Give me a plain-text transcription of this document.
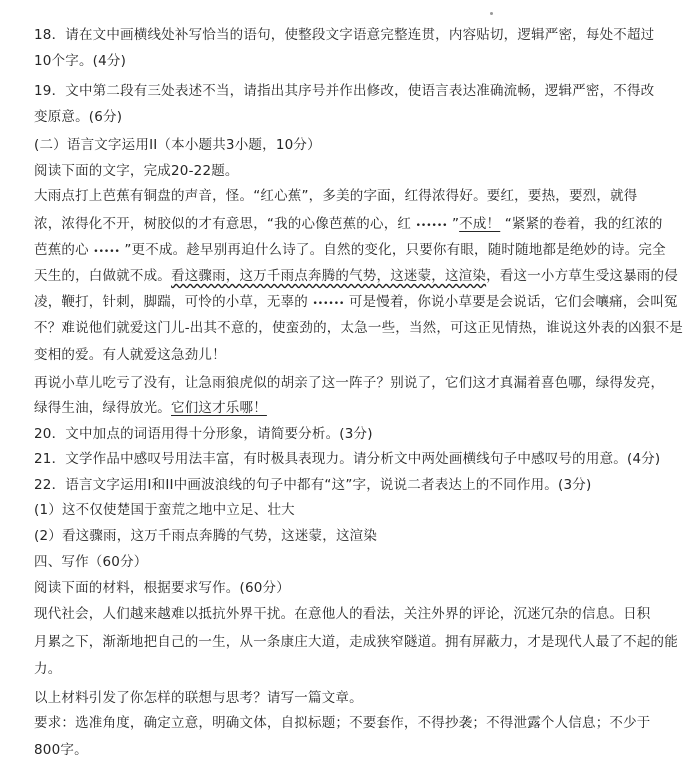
18．请在文中画横线处补写恰当的语句，使整段文字语意完整连贯，内容贴切，逻辑严密，每处不超过
10个字。(4分)
19．文中第二段有三处表述不当，请指出其序号并作出修改，使语言表达准确流畅，逻辑严密，不得改
变原意。(6分)
(二）语言文字运用II（本小题共3小题，10分）
阅读下面的文字，完成20-22题。
大雨点打上芭蕉有铜盘的声音，怪。“红心蕉”，多美的字面，红得浓得好。要红，要热，要烈，就得
浓，浓得化不开，树胶似的才有意思，“我的心像芭蕉的心，红 •••••• ”不成！ “紧紧的卷着，我的红浓的
芭蕉的心 ••••• ”更不成。趁早别再迫什么诗了。自然的变化，只要你有眼，随时随地都是绝妙的诗。完全
天生的，白做就不成。看这骤雨，这万千雨点奔腾的气势，这迷蒙，这渲染，看这一小方草生受这暴雨的侵
凌，鞭打，针刺，脚踹，可怜的小草，无辜的 •••••• 可是慢着，你说小草要是会说话，它们会嚷痛，会叫冤
不？难说他们就爱这门儿-出其不意的，使蛮劲的，太急一些，当然，可这正见情热，谁说这外表的凶狠不是
变相的爱。有人就爱这急劲儿！
再说小草儿吃亏了没有，让急雨狼虎似的胡亲了这一阵子？别说了，它们这才真漏着喜色哪，绿得发亮，
绿得生油，绿得放光。它们这才乐哪！
20．文中加点的词语用得十分形象，请简要分析。(3分)
21．文学作品中感叹号用法丰富，有时极具表现力。请分析文中两处画横线句子中感叹号的用意。(4分)
22．语言文字运用I和II中画波浪线的句子中都有“这”字，说说二者表达上的不同作用。(3分)
(1）这不仅使楚国于蛮荒之地中立足、壮大
(2）看这骤雨，这万千雨点奔腾的气势，这迷蒙，这渲染
四、写作（60分）
阅读下面的材料，根据要求写作。(60分）
现代社会，人们越来越难以抵抗外界干扰。在意他人的看法，关注外界的评论，沉迷冗杂的信息。日积
月累之下，渐渐地把自己的一生，从一条康庄大道，走成狭窄隧道。拥有屏蔽力，才是现代人最了不起的能
力。
以上材料引发了你怎样的联想与思考？请写一篇文章。
要求：选准角度，确定立意，明确文体，自拟标题；不要套作，不得抄袭；不得泄露个人信息；不少于
800字。
